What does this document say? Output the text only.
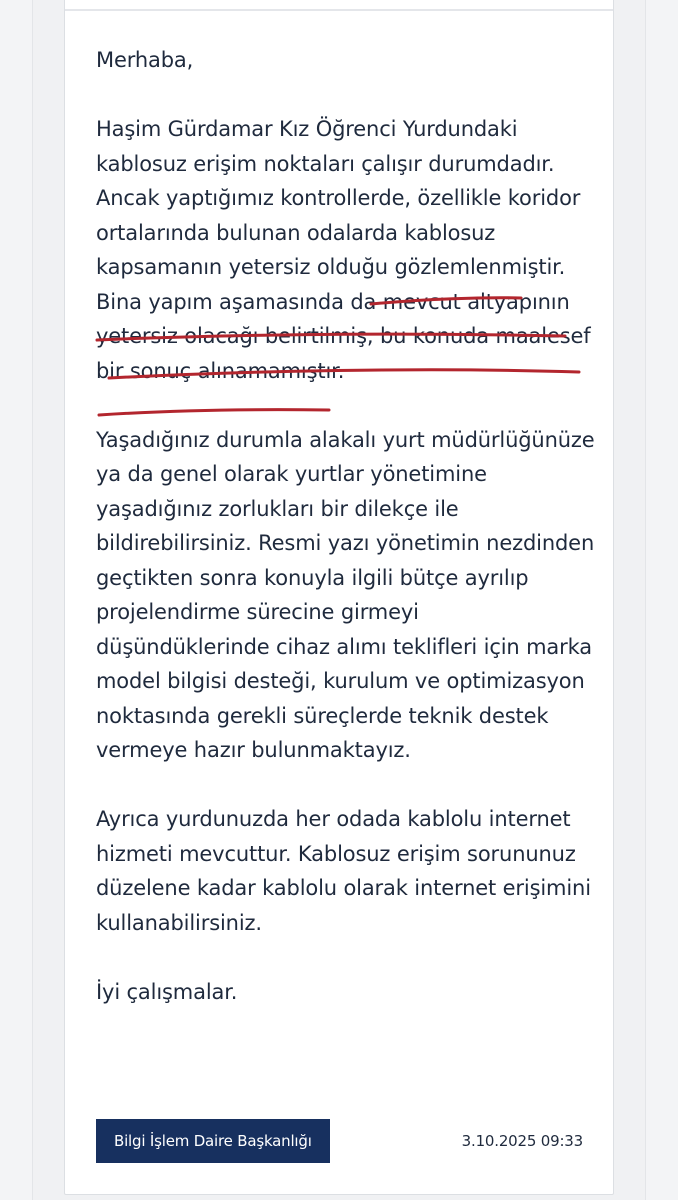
Merhaba,

Haşim Gürdamar Kız Öğrenci Yurdundaki kablosuz erişim noktaları çalışır durumdadır. Ancak yaptığımız kontrollerde, özellikle koridor ortalarında bulunan odalarda kablosuz kapsamanın yetersiz olduğu gözlemlenmiştir. Bina yapım aşamasında da mevcut altyapının yetersiz olacağı belirtilmiş, bu konuda maalesef bir sonuç alınamamıştır.

Yaşadığınız durumla alakalı yurt müdürlüğünüze ya da genel olarak yurtlar yönetimine yaşadığınız zorlukları bir dilekçe ile bildirebilirsiniz. Resmi yazı yönetimin nezdinden geçtikten sonra konuyla ilgili bütçe ayrılıp projelendirme sürecine girmeyi düşündüklerinde cihaz alımı teklifleri için marka model bilgisi desteği, kurulum ve optimizasyon noktasında gerekli süreçlerde teknik destek vermeye hazır bulunmaktayız.

Ayrıca yurdunuzda her odada kablolu internet hizmeti mevcuttur. Kablosuz erişim sorununuz düzelene kadar kablolu olarak internet erişimini kullanabilirsiniz.

İyi çalışmalar.

Bilgi İşlem Daire Başkanlığı	3.10.2025 09:33
